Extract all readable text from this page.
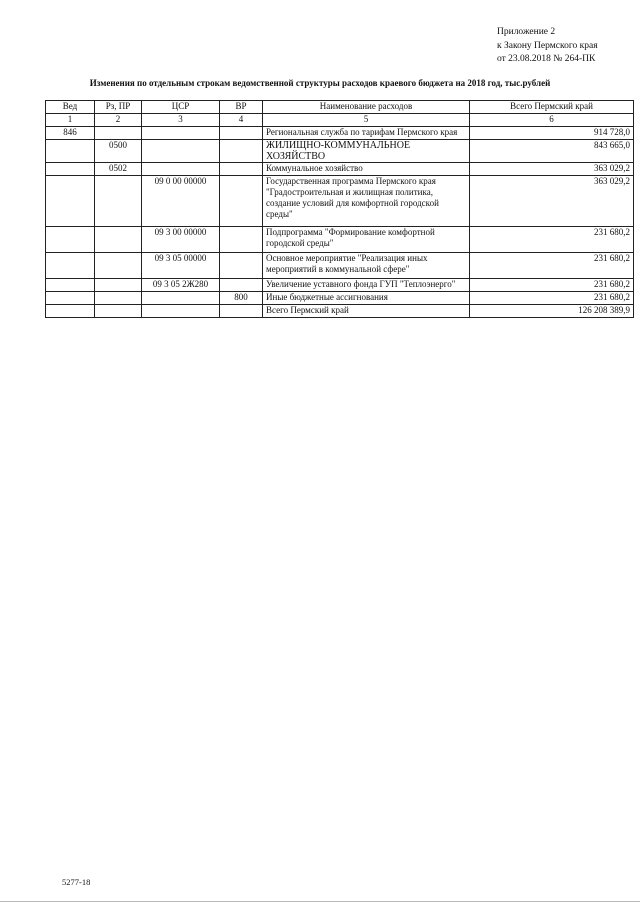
Приложение 2
к Закону Пермского края
от 23.08.2018 № 264-ПК
Изменения по отдельным строкам ведомственной структуры расходов краевого бюджета на 2018 год, тыс.рублей
Вед	Рз, ПР	ЦСР	ВР	Наименование расходов	Всего Пермский край
1	2	3	4	5	6
846				Региональная служба по тарифам Пермского края	914 728,0
	0500			ЖИЛИЩНО-КОММУНАЛЬНОЕ ХОЗЯЙСТВО	843 665,0
	0502			Коммунальное хозяйство	363 029,2
		09 0 00 00000		Государственная программа Пермского края "Градостроительная и жилищная политика, создание условий для комфортной городской среды"	363 029,2
		09 3 00 00000		Подпрограмма "Формирование комфортной городской среды"	231 680,2
		09 3 05 00000		Основное мероприятие "Реализация иных мероприятий в коммунальной сфере"	231 680,2
		09 3 05 2Ж280		Увеличение уставного фонда ГУП "Теплоэнерго"	231 680,2
			800	Иные бюджетные ассигнования	231 680,2
				Всего Пермский край	126 208 389,9
5277-18
